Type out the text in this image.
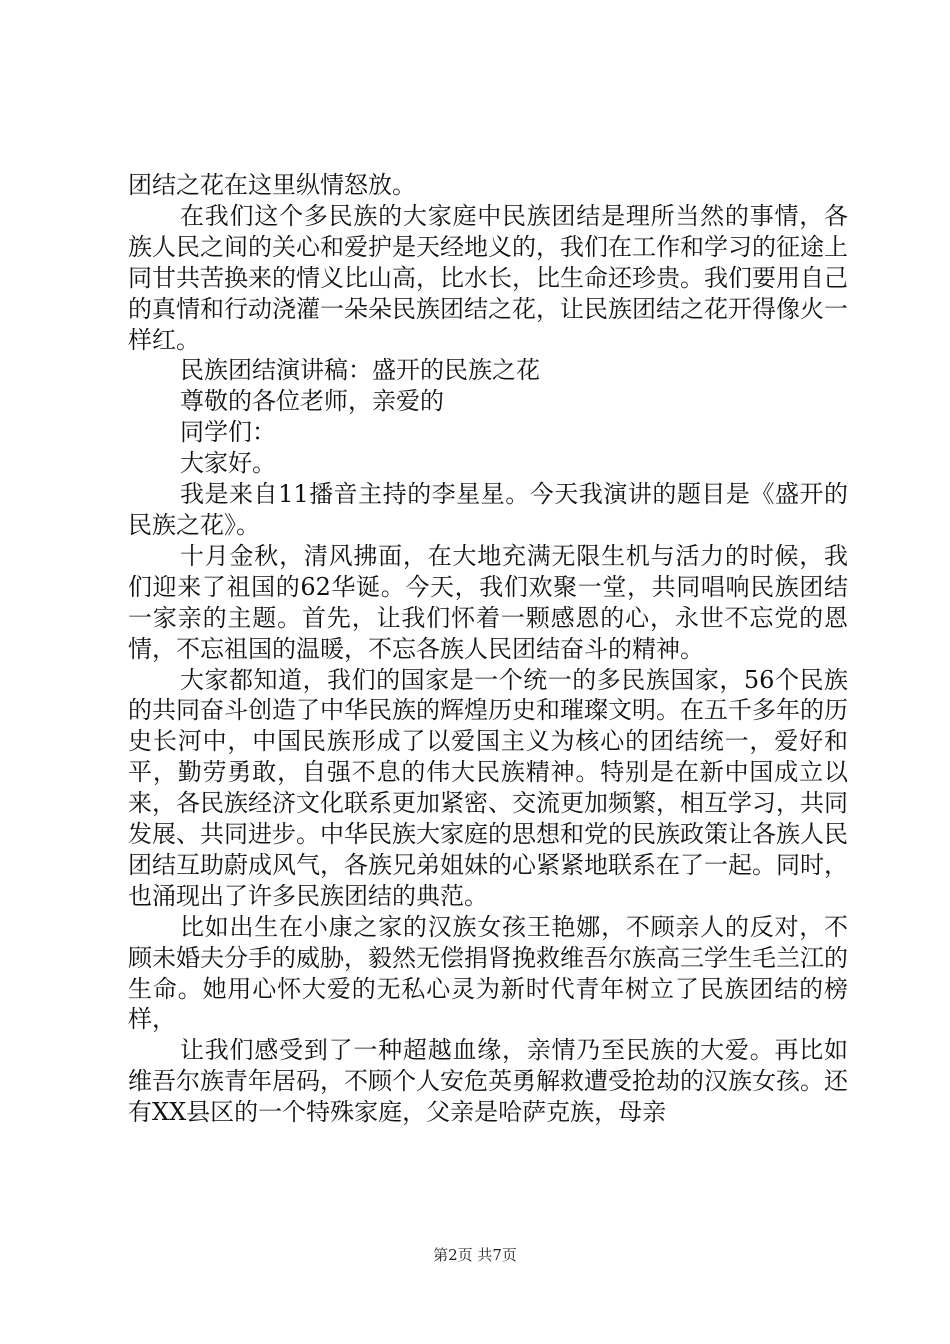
团结之花在这里纵情怒放。

在我们这个多民族的大家庭中民族团结是理所当然的事情，各族人民之间的关心和爱护是天经地义的，我们在工作和学习的征途上同甘共苦换来的情义比山高，比水长，比生命还珍贵。我们要用自己的真情和行动浇灌一朵朵民族团结之花，让民族团结之花开得像火一样红。

民族团结演讲稿：盛开的民族之花

尊敬的各位老师，亲爱的

同学们：

大家好。

我是来自11播音主持的李星星。今天我演讲的题目是《盛开的民族之花》。

十月金秋，清风拂面，在大地充满无限生机与活力的时候，我们迎来了祖国的62华诞。今天，我们欢聚一堂，共同唱响民族团结一家亲的主题。首先，让我们怀着一颗感恩的心，永世不忘党的恩情，不忘祖国的温暖，不忘各族人民团结奋斗的精神。

大家都知道，我们的国家是一个统一的多民族国家，56个民族的共同奋斗创造了中华民族的辉煌历史和璀璨文明。在五千多年的历史长河中，中国民族形成了以爱国主义为核心的团结统一，爱好和平，勤劳勇敢，自强不息的伟大民族精神。特别是在新中国成立以来，各民族经济文化联系更加紧密、交流更加频繁，相互学习，共同发展、共同进步。中华民族大家庭的思想和党的民族政策让各族人民团结互助蔚成风气，各族兄弟姐妹的心紧紧地联系在了一起。同时，也涌现出了许多民族团结的典范。

比如出生在小康之家的汉族女孩王艳娜，不顾亲人的反对，不顾未婚夫分手的威胁，毅然无偿捐肾挽救维吾尔族高三学生毛兰江的生命。她用心怀大爱的无私心灵为新时代青年树立了民族团结的榜样，

让我们感受到了一种超越血缘，亲情乃至民族的大爱。再比如维吾尔族青年居码，不顾个人安危英勇解救遭受抢劫的汉族女孩。还有XX县区的一个特殊家庭，父亲是哈萨克族，母亲

第2页 共7页
